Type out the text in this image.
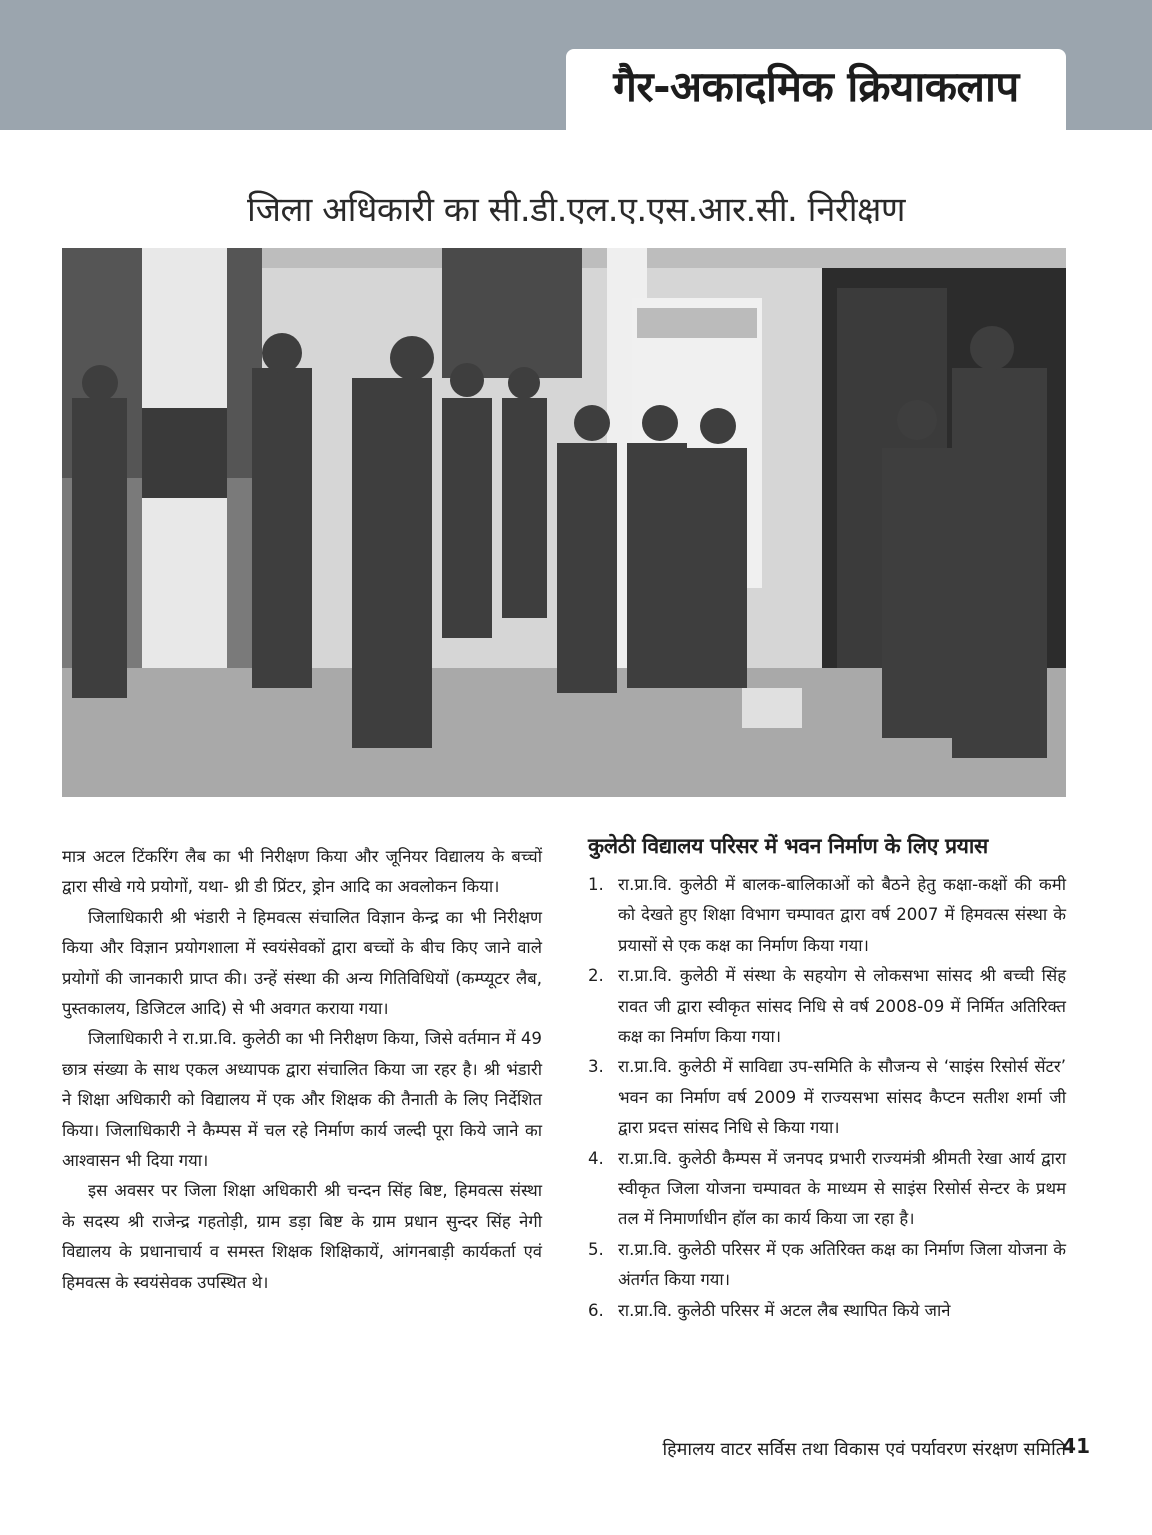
गैर-अकादमिक क्रियाकलाप
जिला अधिकारी का सी.डी.एल.ए.एस.आर.सी. निरीक्षण

मात्र अटल टिंकरिंग लैब का भी निरीक्षण किया और जूनियर विद्यालय के बच्चों द्वारा सीखे गये प्रयोगों, यथा- थ्री डी प्रिंटर, ड्रोन आदि का अवलोकन किया।

जिलाधिकारी श्री भंडारी ने हिमवत्स संचालित विज्ञान केन्द्र का भी निरीक्षण किया और विज्ञान प्रयोगशाला में स्वयंसेवकों द्वारा बच्चों के बीच किए जाने वाले प्रयोगों की जानकारी प्राप्त की। उन्हें संस्था की अन्य गितिविधियों (कम्प्यूटर लैब, पुस्तकालय, डिजिटल आदि) से भी अवगत कराया गया।

जिलाधिकारी ने रा.प्रा.वि. कुलेठी का भी निरीक्षण किया, जिसे वर्तमान में 49 छात्र संख्या के साथ एकल अध्यापक द्वारा संचालित किया जा रहर है। श्री भंडारी ने शिक्षा अधिकारी को विद्यालय में एक और शिक्षक की तैनाती के लिए निर्देशित किया। जिलाधिकारी ने कैम्पस में चल रहे निर्माण कार्य जल्दी पूरा किये जाने का आश्वासन भी दिया गया।

इस अवसर पर जिला शिक्षा अधिकारी श्री चन्दन सिंह बिष्ट, हिमवत्स संस्था के सदस्य श्री राजेन्द्र गहतोड़ी, ग्राम डड़ा बिष्ट के ग्राम प्रधान सुन्दर सिंह नेगी विद्यालय के प्रधानाचार्य व समस्त शिक्षक शिक्षिकायें, आंगनबाड़ी कार्यकर्ता एवं हिमवत्स के स्वयंसेवक उपस्थित थे।

कुलेठी विद्यालय परिसर में भवन निर्माण के लिए प्रयास
1. रा.प्रा.वि. कुलेठी में बालक-बालिकाओं को बैठने हेतु कक्षा-कक्षों की कमी को देखते हुए शिक्षा विभाग चम्पावत द्वारा वर्ष 2007 में हिमवत्स संस्था के प्रयासों से एक कक्ष का निर्माण किया गया।
2. रा.प्रा.वि. कुलेठी में संस्था के सहयोग से लोकसभा सांसद श्री बच्ची सिंह रावत जी द्वारा स्वीकृत सांसद निधि से वर्ष 2008-09 में निर्मित अतिरिक्त कक्ष का निर्माण किया गया।
3. रा.प्रा.वि. कुलेठी में साविद्या उप-समिति के सौजन्य से ‘साइंस रिसोर्स सेंटर’ भवन का निर्माण वर्ष 2009 में राज्यसभा सांसद कैप्टन सतीश शर्मा जी द्वारा प्रदत्त सांसद निधि से किया गया।
4. रा.प्रा.वि. कुलेठी कैम्पस में जनपद प्रभारी राज्यमंत्री श्रीमती रेखा आर्य द्वारा स्वीकृत जिला योजना चम्पावत के माध्यम से साइंस रिसोर्स सेन्टर के प्रथम तल में निमार्णाधीन हॉल का कार्य किया जा रहा है।
5. रा.प्रा.वि. कुलेठी परिसर में एक अतिरिक्त कक्ष का निर्माण जिला योजना के अंतर्गत किया गया।
6. रा.प्रा.वि. कुलेठी परिसर में अटल लैब स्थापित किये जाने
हिमालय वाटर सर्विस तथा विकास एवं पर्यावरण संरक्षण समिति
41
